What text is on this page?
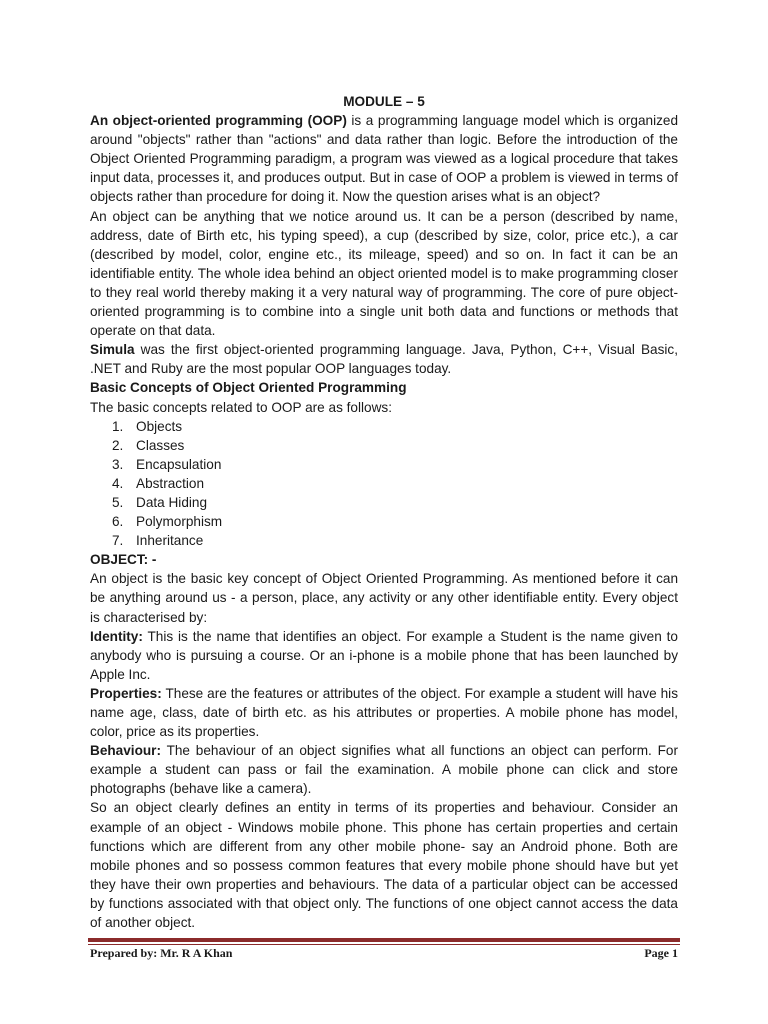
MODULE – 5

An object-oriented programming (OOP) is a programming language model which is organized around "objects" rather than "actions" and data rather than logic. Before the introduction of the Object Oriented Programming paradigm, a program was viewed as a logical procedure that takes input data, processes it, and produces output. But in case of OOP a problem is viewed in terms of objects rather than procedure for doing it. Now the question arises what is an object?

An object can be anything that we notice around us. It can be a person (described by name, address, date of Birth etc, his typing speed), a cup (described by size, color, price etc.), a car (described by model, color, engine etc., its mileage, speed) and so on. In fact it can be an identifiable entity. The whole idea behind an object oriented model is to make programming closer to they real world thereby making it a very natural way of programming. The core of pure object-oriented programming is to combine into a single unit both data and functions or methods that operate on that data.

Simula was the first object-oriented programming language. Java, Python, C++, Visual Basic, .NET and Ruby are the most popular OOP languages today.

Basic Concepts of Object Oriented Programming

The basic concepts related to OOP are as follows:

1. Objects
2. Classes
3. Encapsulation
4. Abstraction
5. Data Hiding
6. Polymorphism
7. Inheritance

OBJECT: -

An object is the basic key concept of Object Oriented Programming. As mentioned before it can be anything around us - a person, place, any activity or any other identifiable entity. Every object is characterised by:

Identity: This is the name that identifies an object. For example a Student is the name given to anybody who is pursuing a course. Or an i-phone is a mobile phone that has been launched by Apple Inc.

Properties: These are the features or attributes of the object. For example a student will have his name age, class, date of birth etc. as his attributes or properties. A mobile phone has model, color, price as its properties.

Behaviour: The behaviour of an object signifies what all functions an object can perform. For example a student can pass or fail the examination. A mobile phone can click and store photographs (behave like a camera).

So an object clearly defines an entity in terms of its properties and behaviour. Consider an example of an object - Windows mobile phone. This phone has certain properties and certain functions which are different from any other mobile phone- say an Android phone. Both are mobile phones and so possess common features that every mobile phone should have but yet they have their own properties and behaviours. The data of a particular object can be accessed by functions associated with that object only. The functions of one object cannot access the data of another object.

Prepared by: Mr. R A Khan	Page 1
